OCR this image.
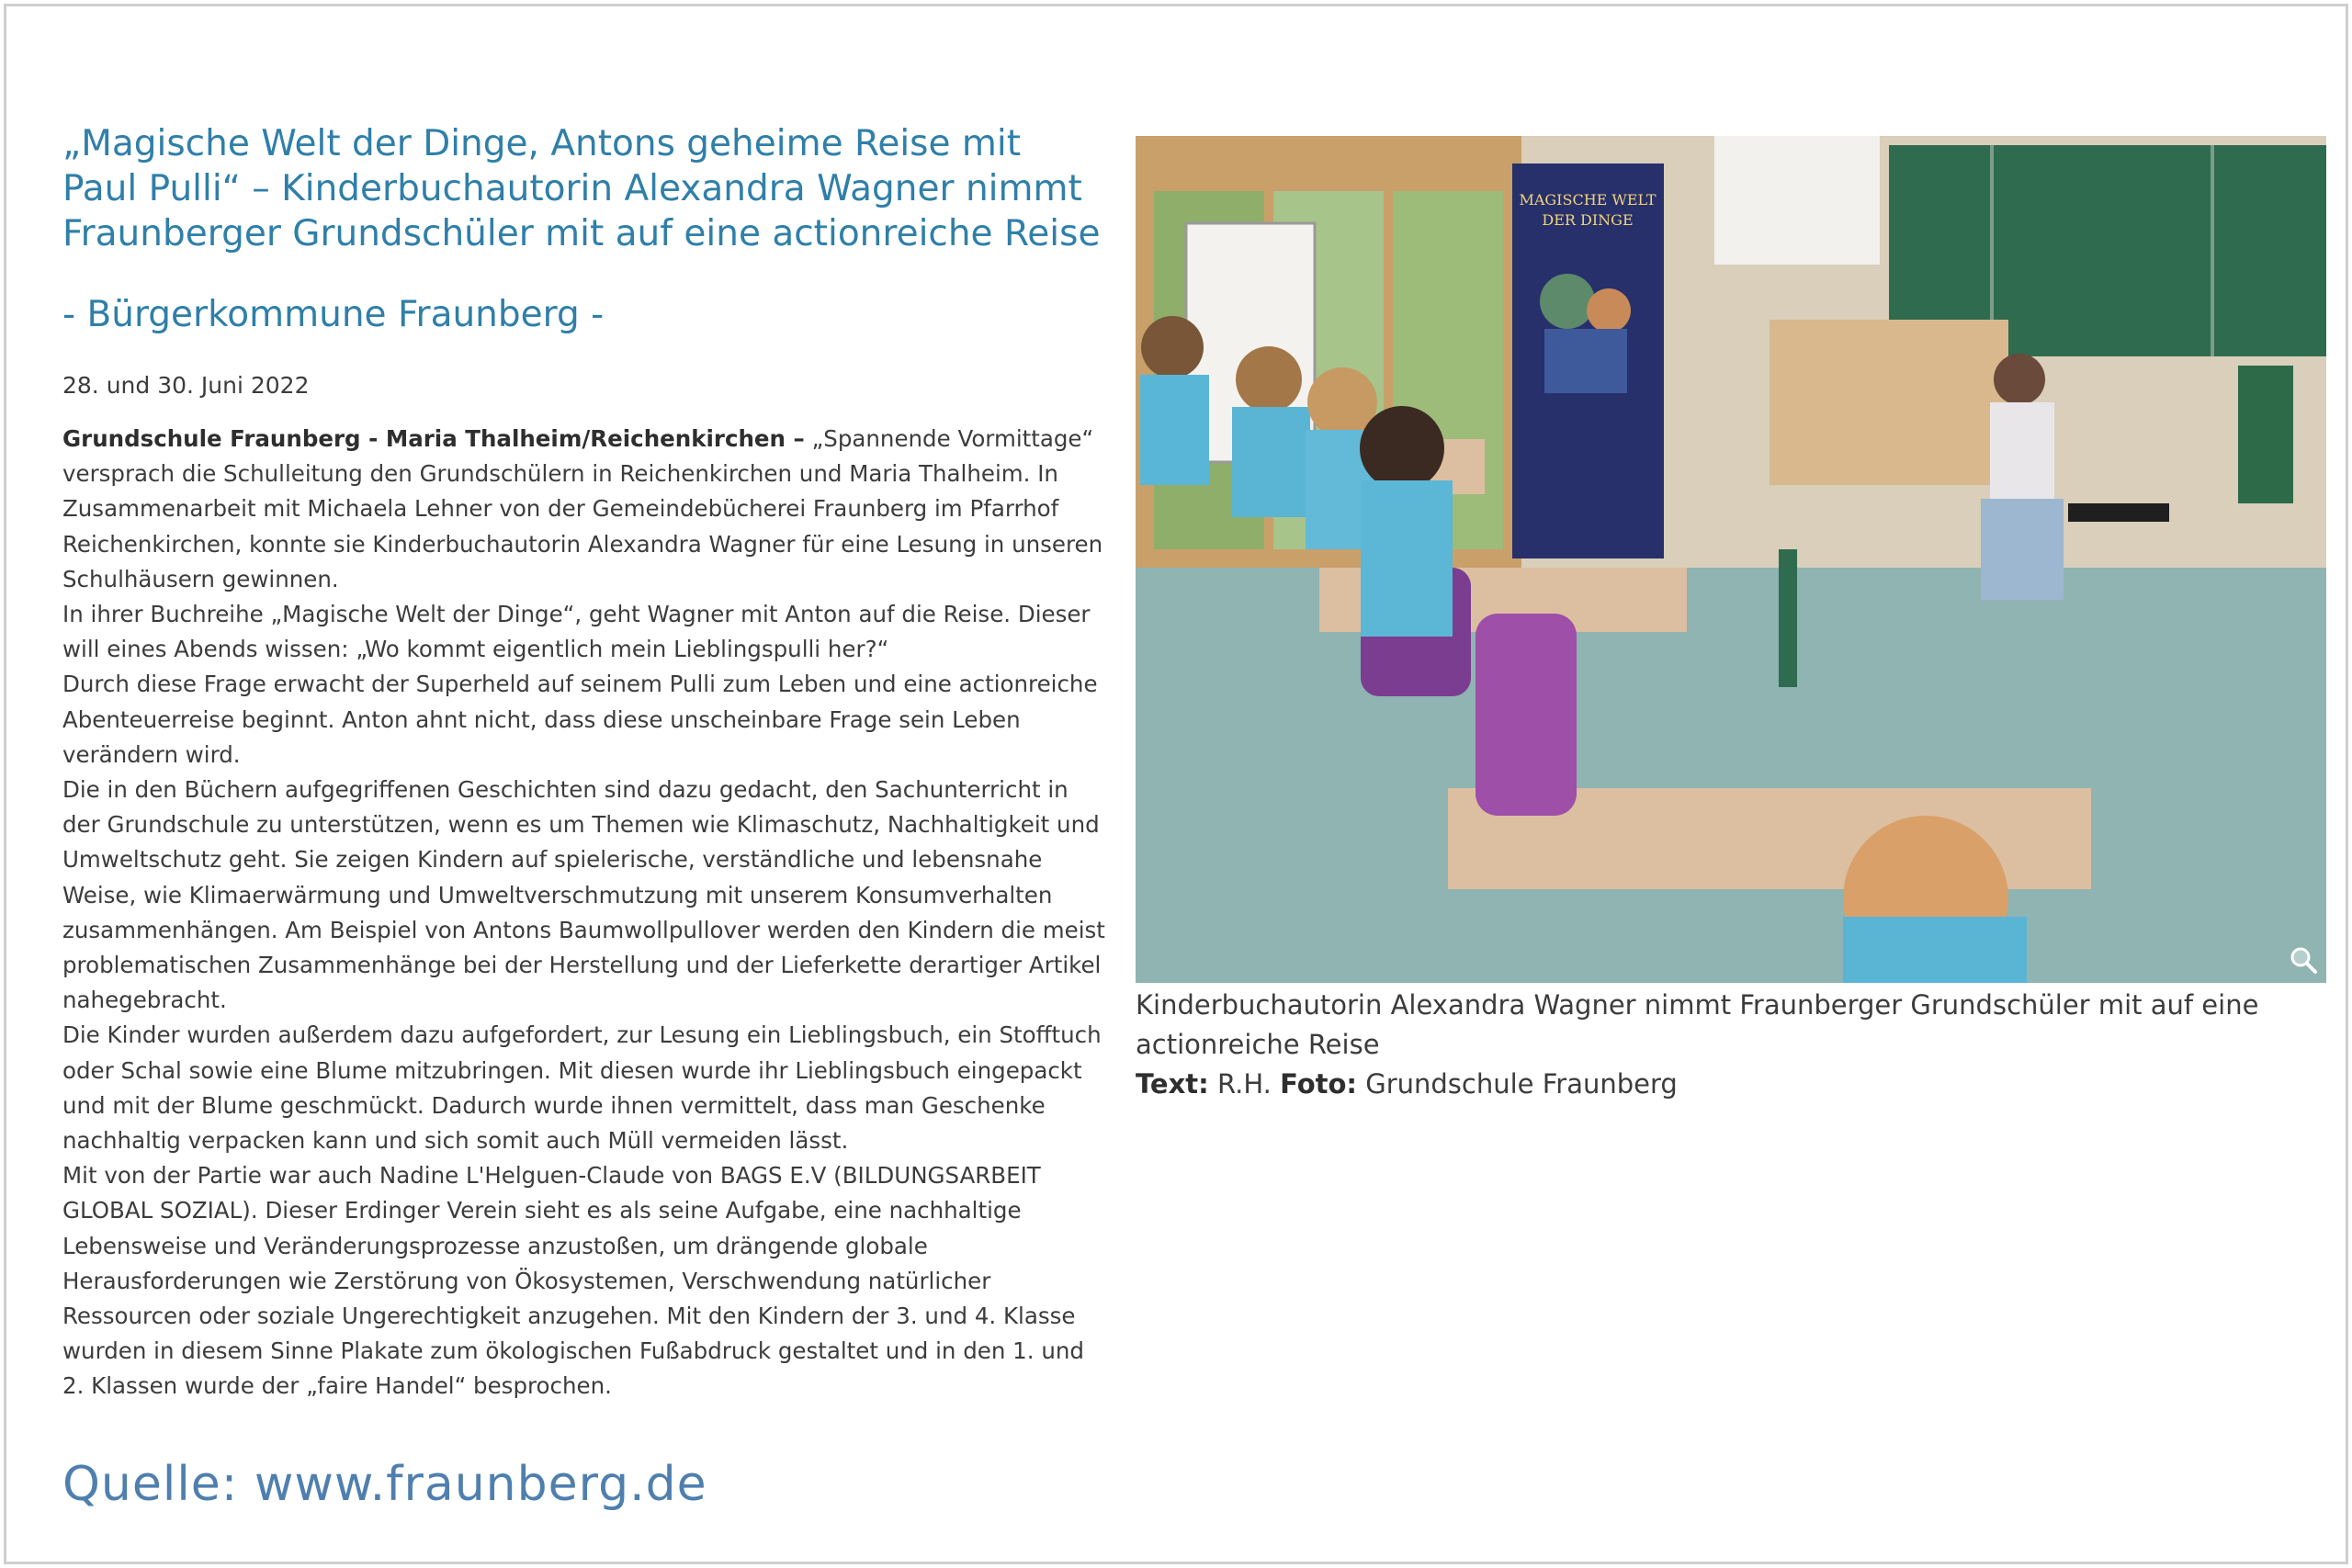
„Magische Welt der Dinge, Antons geheime Reise mit Paul Pulli“ – Kinderbuchautorin Alexandra Wagner nimmt Fraunberger Grundschüler mit auf eine actionreiche Reise
- Bürgerkommune Fraunberg -
28. und 30. Juni 2022

Grundschule Fraunberg - Maria Thalheim/Reichenkirchen – „Spannende Vormittage“ versprach die Schulleitung den Grundschülern in Reichenkirchen und Maria Thalheim. In Zusammenarbeit mit Michaela Lehner von der Gemeindebücherei Fraunberg im Pfarrhof Reichenkirchen, konnte sie Kinderbuchautorin Alexandra Wagner für eine Lesung in unseren Schulhäusern gewinnen.

In ihrer Buchreihe „Magische Welt der Dinge“, geht Wagner mit Anton auf die Reise. Dieser will eines Abends wissen: „Wo kommt eigentlich mein Lieblingspulli her?“

Durch diese Frage erwacht der Superheld auf seinem Pulli zum Leben und eine actionreiche Abenteuerreise beginnt. Anton ahnt nicht, dass diese unscheinbare Frage sein Leben verändern wird.

Die in den Büchern aufgegriffenen Geschichten sind dazu gedacht, den Sachunterricht in der Grundschule zu unterstützen, wenn es um Themen wie Klimaschutz, Nachhaltigkeit und Umweltschutz geht. Sie zeigen Kindern auf spielerische, verständliche und lebensnahe Weise, wie Klimaerwärmung und Umweltverschmutzung mit unserem Konsumverhalten zusammenhängen. Am Beispiel von Antons Baumwollpullover werden den Kindern die meist problematischen Zusammenhänge bei der Herstellung und der Lieferkette derartiger Artikel nahegebracht.

Die Kinder wurden außerdem dazu aufgefordert, zur Lesung ein Lieblingsbuch, ein Stofftuch oder Schal sowie eine Blume mitzubringen. Mit diesen wurde ihr Lieblingsbuch eingepackt und mit der Blume geschmückt. Dadurch wurde ihnen vermittelt, dass man Geschenke nachhaltig verpacken kann und sich somit auch Müll vermeiden lässt.

Mit von der Partie war auch Nadine L'Helguen-Claude von BAGS E.V (BILDUNGSARBEIT GLOBAL SOZIAL). Dieser Erdinger Verein sieht es als seine Aufgabe, eine nachhaltige Lebensweise und Veränderungsprozesse anzustoßen, um drängende globale Herausforderungen wie Zerstörung von Ökosystemen, Verschwendung natürlicher Ressourcen oder soziale Ungerechtigkeit anzugehen. Mit den Kindern der 3. und 4. Klasse wurden in diesem Sinne Plakate zum ökologischen Fußabdruck gestaltet und in den 1. und 2. Klassen wurde der „faire Handel“ besprochen.

MAGISCHE WELT
DER DINGE

Kinderbuchautorin Alexandra Wagner nimmt Fraunberger Grundschüler mit auf eine actionreiche Reise

Text: R.H. Foto: Grundschule Fraunberg

Quelle: www.fraunberg.de
